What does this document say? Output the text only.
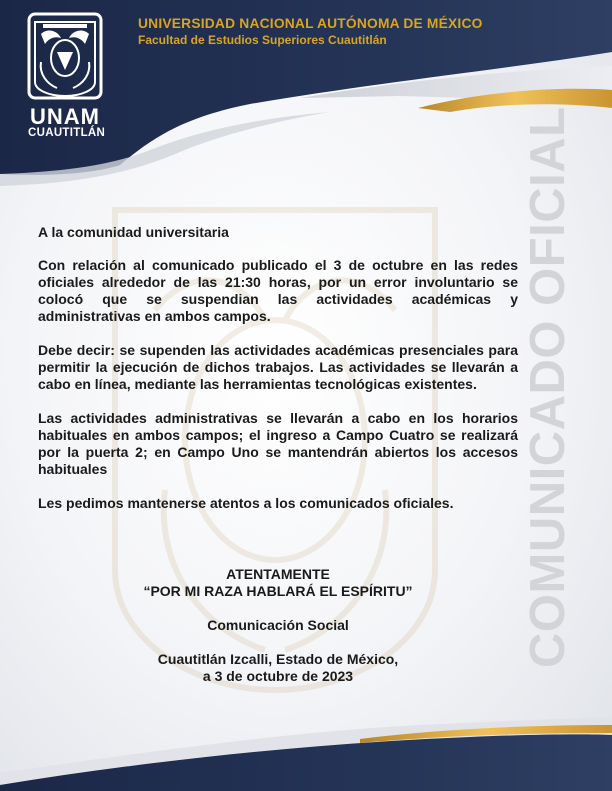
UNAM
CUAUTITLÁN
UNIVERSIDAD NACIONAL AUTÓNOMA DE MÉXICO
Facultad de Estudios Superiores Cuautitlán
COMUNICADO OFICIAL

A la comunidad universitaria

Con relación al comunicado publicado el 3 de octubre en las redes oficiales alrededor de las 21:30 horas, por un error involuntario se colocó que se suspendian las actividades académicas y administrativas en ambos campos.

Debe decir: se supenden las actividades académicas presenciales para permitir la ejecución de dichos trabajos. Las actividades se llevarán a cabo en línea, mediante las herramientas tecnológicas existentes.

Las actividades administrativas se llevarán a cabo en los horarios habituales en ambos campos; el ingreso a Campo Cuatro se realizará por la puerta 2; en Campo Uno se mantendrán abiertos los accesos habituales

Les pedimos mantenerse atentos a los comunicados oficiales.

ATENTAMENTE
“POR MI RAZA HABLARÁ EL ESPÍRITU”
Comunicación Social
Cuautitlán Izcalli, Estado de México,
a 3 de octubre de 2023
